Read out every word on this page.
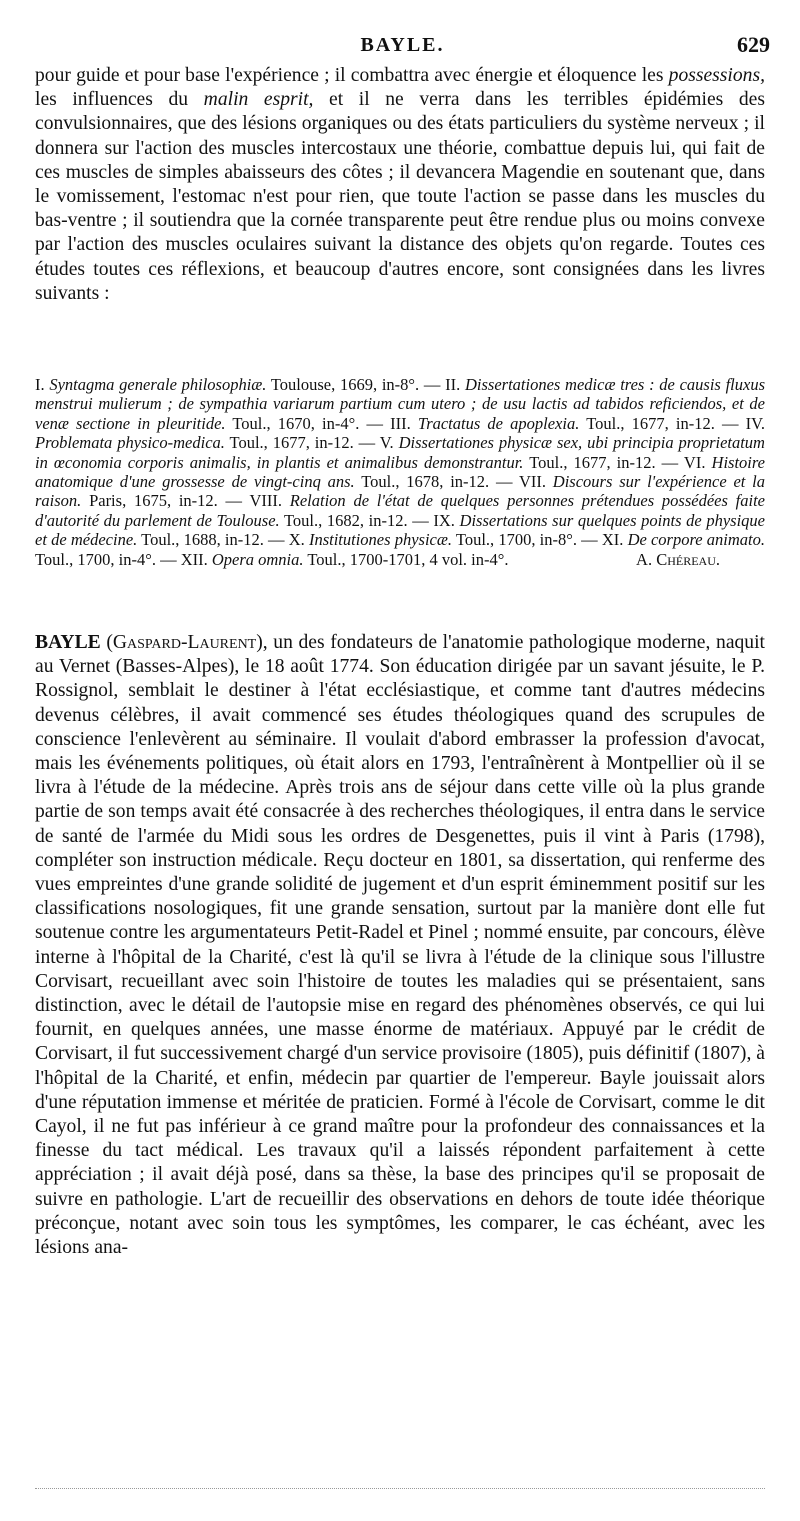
BAYLE.	629

pour guide et pour base l'expérience ; il combattra avec énergie et éloquence les possessions, les influences du malin esprit, et il ne verra dans les terribles épidémies des convulsionnaires, que des lésions organiques ou des états particuliers du système nerveux ; il donnera sur l'action des muscles intercostaux une théorie, combattue depuis lui, qui fait de ces muscles de simples abaisseurs des côtes ; il devancera Magendie en soutenant que, dans le vomissement, l'estomac n'est pour rien, que toute l'action se passe dans les muscles du bas-ventre ; il soutiendra que la cornée transparente peut être rendue plus ou moins convexe par l'action des muscles oculaires suivant la distance des objets qu'on regarde. Toutes ces études toutes ces réflexions, et beaucoup d'autres encore, sont consignées dans les livres suivants :

I. Syntagma generale philosophiæ. Toulouse, 1669, in-8°. — II. Dissertationes medicæ tres : de causis fluxus menstrui mulierum ; de sympathia variarum partium cum utero ; de usu lactis ad tabidos reficiendos, et de venæ sectione in pleuritide. Toul., 1670, in-4°. — III. Tractatus de apoplexia. Toul., 1677, in-12. — IV. Problemata physico-medica. Toul., 1677, in-12. — V. Dissertationes physicæ sex, ubi principia proprietatum in œconomia corporis animalis, in plantis et animalibus demonstrantur. Toul., 1677, in-12. — VI. Histoire anatomique d'une grossesse de vingt-cinq ans. Toul., 1678, in-12. — VII. Discours sur l'expérience et la raison. Paris, 1675, in-12. — VIII. Relation de l'état de quelques personnes prétendues possédées faite d'autorité du parlement de Toulouse. Toul., 1682, in-12. — IX. Dissertations sur quelques points de physique et de médecine. Toul., 1688, in-12. — X. Institutiones physicæ. Toul., 1700, in-8°. — XI. De corpore animato. Toul., 1700, in-4°. — XII. Opera omnia. Toul., 1700-1701, 4 vol. in-4°.	A. Chéreau.

BAYLE (Gaspard-Laurent), un des fondateurs de l'anatomie pathologique moderne, naquit au Vernet (Basses-Alpes), le 18 août 1774. Son éducation dirigée par un savant jésuite, le P. Rossignol, semblait le destiner à l'état ecclésiastique, et comme tant d'autres médecins devenus célèbres, il avait commencé ses études théologiques quand des scrupules de conscience l'enlevèrent au séminaire. Il voulait d'abord embrasser la profession d'avocat, mais les événements politiques, où était alors en 1793, l'entraînèrent à Montpellier où il se livra à l'étude de la médecine. Après trois ans de séjour dans cette ville où la plus grande partie de son temps avait été consacrée à des recherches théologiques, il entra dans le service de santé de l'armée du Midi sous les ordres de Desgenettes, puis il vint à Paris (1798), compléter son instruction médicale. Reçu docteur en 1801, sa dissertation, qui renferme des vues empreintes d'une grande solidité de jugement et d'un esprit éminemment positif sur les classifications nosologiques, fit une grande sensation, surtout par la manière dont elle fut soutenue contre les argumentateurs Petit-Radel et Pinel ; nommé ensuite, par concours, élève interne à l'hôpital de la Charité, c'est là qu'il se livra à l'étude de la clinique sous l'illustre Corvisart, recueillant avec soin l'histoire de toutes les maladies qui se présentaient, sans distinction, avec le détail de l'autopsie mise en regard des phénomènes observés, ce qui lui fournit, en quelques années, une masse énorme de matériaux. Appuyé par le crédit de Corvisart, il fut successivement chargé d'un service provisoire (1805), puis définitif (1807), à l'hôpital de la Charité, et enfin, médecin par quartier de l'empereur. Bayle jouissait alors d'une réputation immense et méritée de praticien. Formé à l'école de Corvisart, comme le dit Cayol, il ne fut pas inférieur à ce grand maître pour la profondeur des connaissances et la finesse du tact médical. Les travaux qu'il a laissés répondent parfaitement à cette appréciation ; il avait déjà posé, dans sa thèse, la base des principes qu'il se proposait de suivre en pathologie. L'art de recueillir des observations en dehors de toute idée théorique préconçue, notant avec soin tous les symptômes, les comparer, le cas échéant, avec les lésions ana-
